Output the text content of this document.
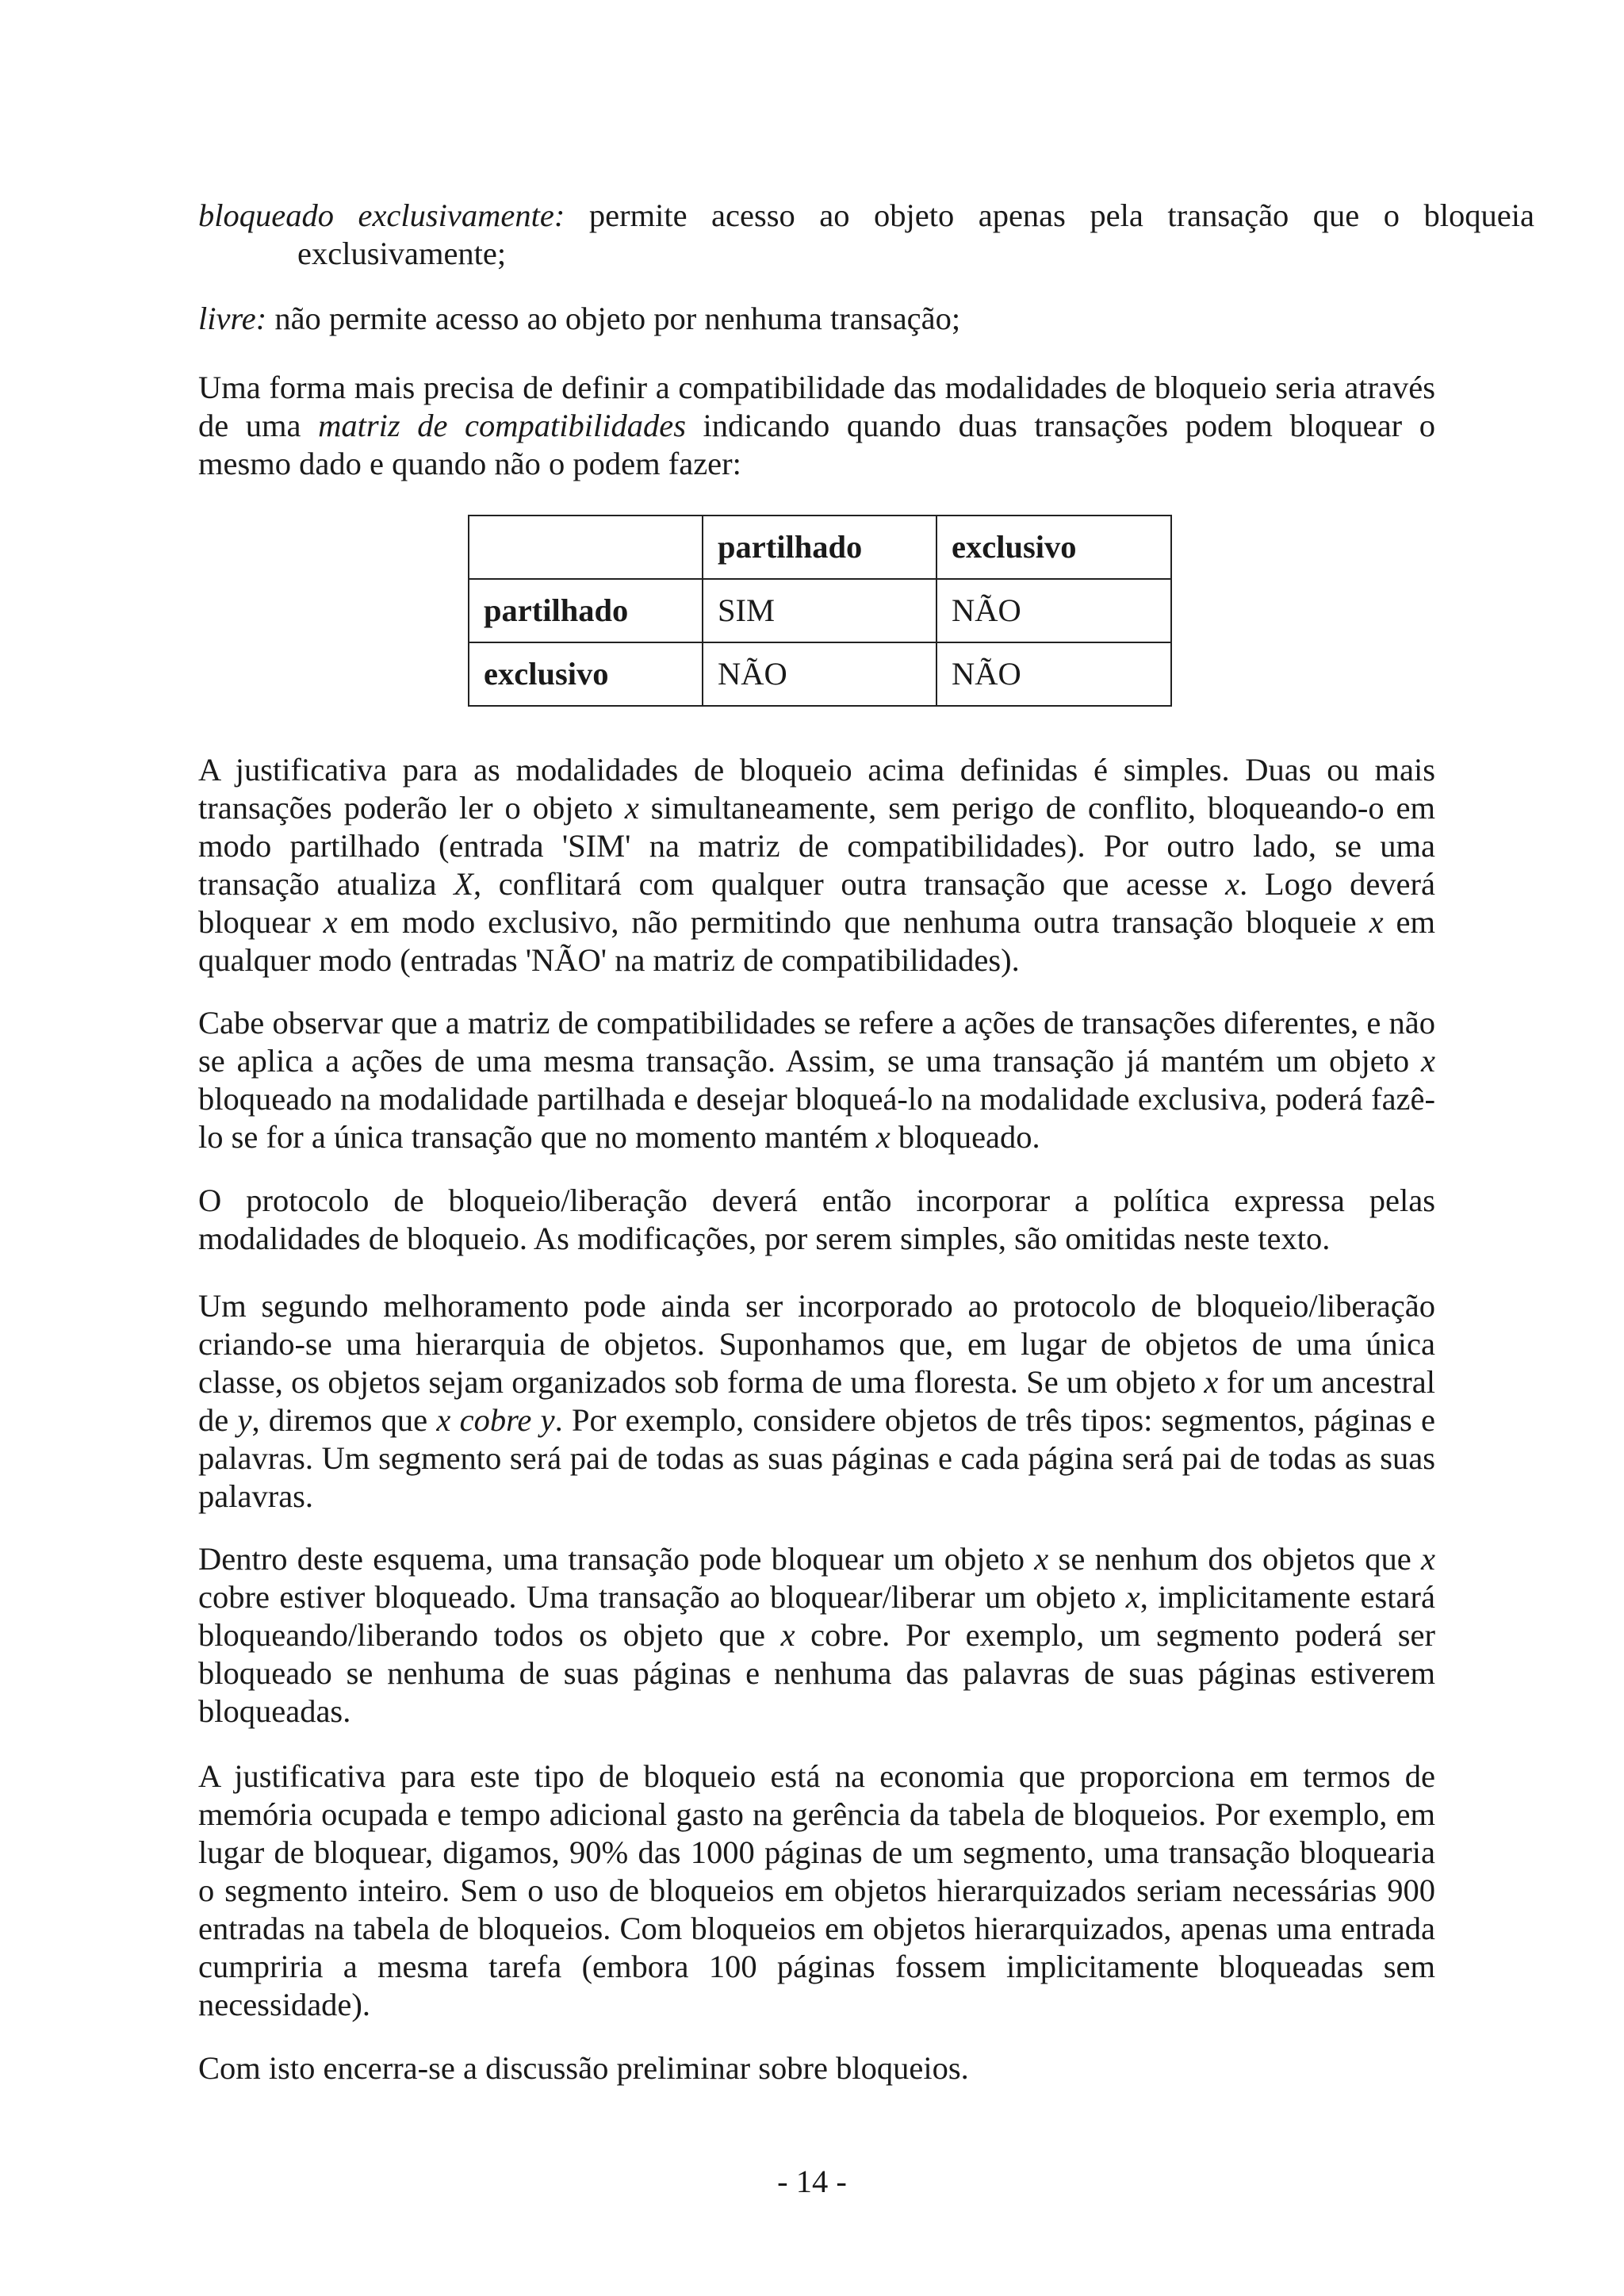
bloqueado exclusivamente: permite acesso ao objeto apenas pela transação que o bloqueia exclusivamente;

livre: não permite acesso ao objeto por nenhuma transação;

Uma forma mais precisa de definir a compatibilidade das modalidades de bloqueio seria através de uma matriz de compatibilidades indicando quando duas transações podem bloquear o mesmo dado e quando não o podem fazer:

	partilhado	exclusivo
partilhado	SIM	NÃO
exclusivo	NÃO	NÃO

A justificativa para as modalidades de bloqueio acima definidas é simples. Duas ou mais transações poderão ler o objeto x simultaneamente, sem perigo de conflito, bloqueando-o em modo partilhado (entrada 'SIM' na matriz de compatibilidades). Por outro lado, se uma transação atualiza X, conflitará com qualquer outra transação que acesse x. Logo deverá bloquear x em modo exclusivo, não permitindo que nenhuma outra transação bloqueie x em qualquer modo (entradas 'NÃO' na matriz de compatibilidades).

Cabe observar que a matriz de compatibilidades se refere a ações de transações diferentes, e não se aplica a ações de uma mesma transação. Assim, se uma transação já mantém um objeto x bloqueado na modalidade partilhada e desejar bloqueá-lo na modalidade exclusiva, poderá fazê-lo se for a única transação que no momento mantém x bloqueado.

O protocolo de bloqueio/liberação deverá então incorporar a política expressa pelas modalidades de bloqueio. As modificações, por serem simples, são omitidas neste texto.

Um segundo melhoramento pode ainda ser incorporado ao protocolo de bloqueio/liberação criando-se uma hierarquia de objetos. Suponhamos que, em lugar de objetos de uma única classe, os objetos sejam organizados sob forma de uma floresta. Se um objeto x for um ancestral de y, diremos que x cobre y. Por exemplo, considere objetos de três tipos: segmentos, páginas e palavras. Um segmento será pai de todas as suas páginas e cada página será pai de todas as suas palavras.

Dentro deste esquema, uma transação pode bloquear um objeto x se nenhum dos objetos que x cobre estiver bloqueado. Uma transação ao bloquear/liberar um objeto x, implicitamente estará bloqueando/liberando todos os objeto que x cobre. Por exemplo, um segmento poderá ser bloqueado se nenhuma de suas páginas e nenhuma das palavras de suas páginas estiverem bloqueadas.

A justificativa para este tipo de bloqueio está na economia que proporciona em termos de memória ocupada e tempo adicional gasto na gerência da tabela de bloqueios. Por exemplo, em lugar de bloquear, digamos, 90% das 1000 páginas de um segmento, uma transação bloquearia o segmento inteiro. Sem o uso de bloqueios em objetos hierarquizados seriam necessárias 900 entradas na tabela de bloqueios. Com bloqueios em objetos hierarquizados, apenas uma entrada cumpriria a mesma tarefa (embora 100 páginas fossem implicitamente bloqueadas sem necessidade).

Com isto encerra-se a discussão preliminar sobre bloqueios.

- 14 -
